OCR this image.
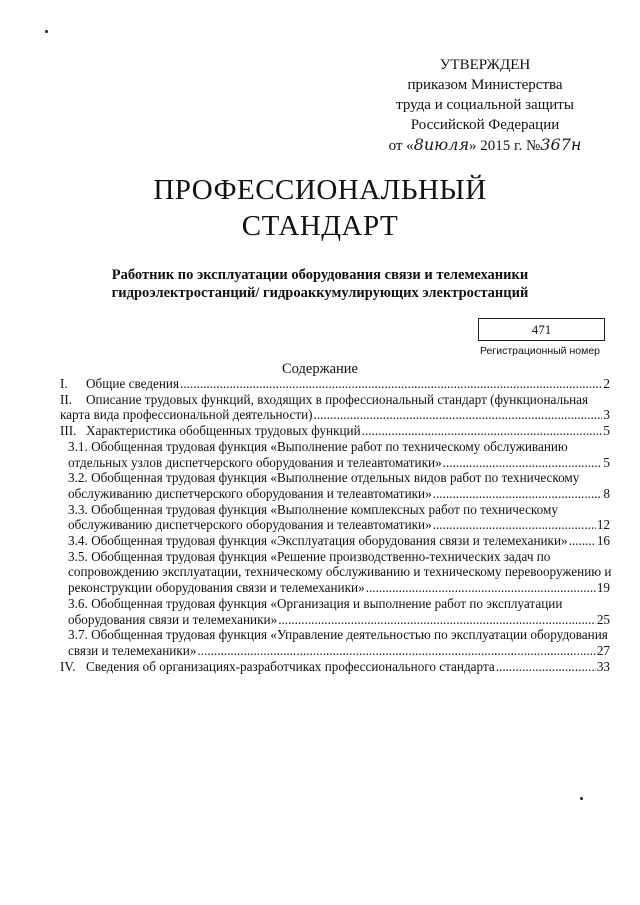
УТВЕРЖДЕН
приказом Министерства
труда и социальной защиты
Российской Федерации
от «8июля» 2015 г. №367н
ПРОФЕССИОНАЛЬНЫЙ
СТАНДАРТ
Работник по эксплуатации оборудования связи и телемеханики
гидроэлектростанций/ гидроаккумулирующих электростанций
471
Регистрационный номер
Содержание
I.	Общие сведения .....	2
II.	Описание трудовых функций, входящих в профессиональный стандарт (функциональная
карта вида профессиональной деятельности) .....	3
III. Характеристика обобщенных трудовых функций .....	5
3.1. Обобщенная трудовая функция «Выполнение работ по техническому обслуживанию
отдельных узлов диспетчерского оборудования и телеавтоматики» .....	5
3.2. Обобщенная трудовая функция «Выполнение отдельных видов работ по техническому
обслуживанию диспетчерского оборудования и телеавтоматики» .....	8
3.3. Обобщенная трудовая функция «Выполнение комплексных работ по техническому
обслуживанию диспетчерского оборудования и телеавтоматики» .....	12
3.4. Обобщенная трудовая функция «Эксплуатация оборудования связи и телемеханики» ..... 16
3.5. Обобщенная трудовая функция «Решение производственно-технических задач по
сопровождению эксплуатации, техническому обслуживанию и техническому перевооружению и
реконструкции оборудования связи и телемеханики» .....	19
3.6. Обобщенная трудовая функция «Организация и выполнение работ по эксплуатации
оборудования связи и телемеханики» .....	25
3.7. Обобщенная трудовая функция «Управление деятельностью по эксплуатации оборудования
связи и телемеханики» .....	27
IV. Сведения об организациях-разработчиках профессионального стандарта .....	33
